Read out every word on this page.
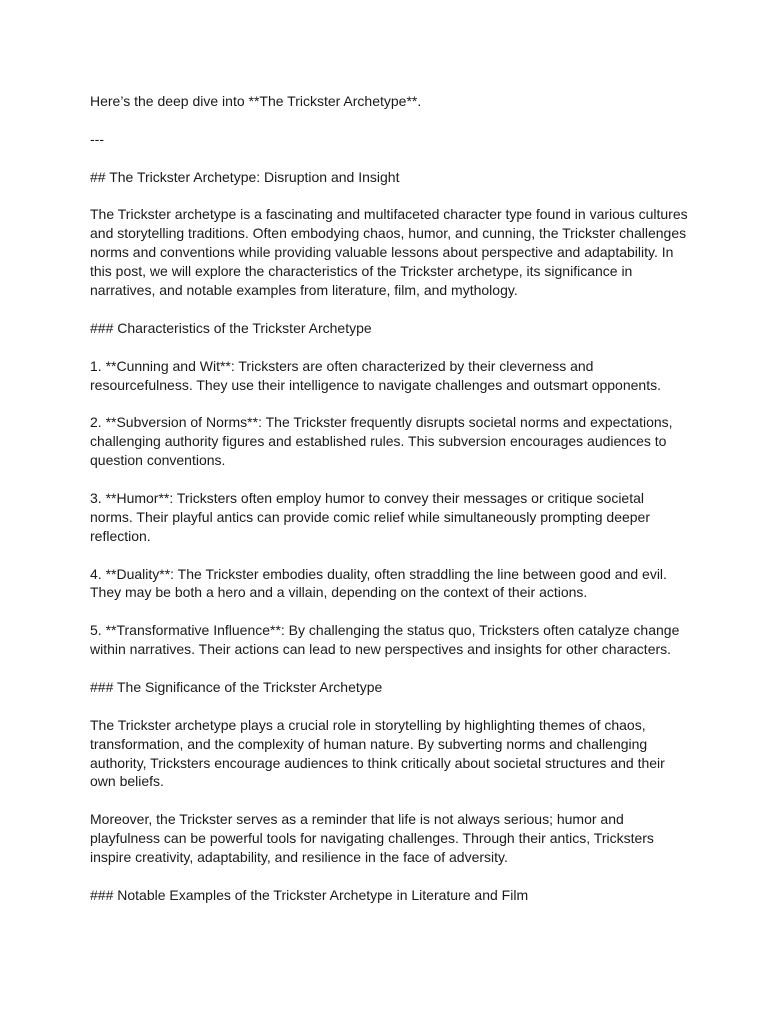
Here’s the deep dive into **The Trickster Archetype**.

---

## The Trickster Archetype: Disruption and Insight

The Trickster archetype is a fascinating and multifaceted character type found in various cultures and storytelling traditions. Often embodying chaos, humor, and cunning, the Trickster challenges norms and conventions while providing valuable lessons about perspective and adaptability. In this post, we will explore the characteristics of the Trickster archetype, its significance in narratives, and notable examples from literature, film, and mythology.

### Characteristics of the Trickster Archetype

1. **Cunning and Wit**: Tricksters are often characterized by their cleverness and resourcefulness. They use their intelligence to navigate challenges and outsmart opponents.

2. **Subversion of Norms**: The Trickster frequently disrupts societal norms and expectations, challenging authority figures and established rules. This subversion encourages audiences to question conventions.

3. **Humor**: Tricksters often employ humor to convey their messages or critique societal norms. Their playful antics can provide comic relief while simultaneously prompting deeper reflection.

4. **Duality**: The Trickster embodies duality, often straddling the line between good and evil. They may be both a hero and a villain, depending on the context of their actions.

5. **Transformative Influence**: By challenging the status quo, Tricksters often catalyze change within narratives. Their actions can lead to new perspectives and insights for other characters.

### The Significance of the Trickster Archetype

The Trickster archetype plays a crucial role in storytelling by highlighting themes of chaos, transformation, and the complexity of human nature. By subverting norms and challenging authority, Tricksters encourage audiences to think critically about societal structures and their own beliefs.

Moreover, the Trickster serves as a reminder that life is not always serious; humor and playfulness can be powerful tools for navigating challenges. Through their antics, Tricksters inspire creativity, adaptability, and resilience in the face of adversity.

### Notable Examples of the Trickster Archetype in Literature and Film
